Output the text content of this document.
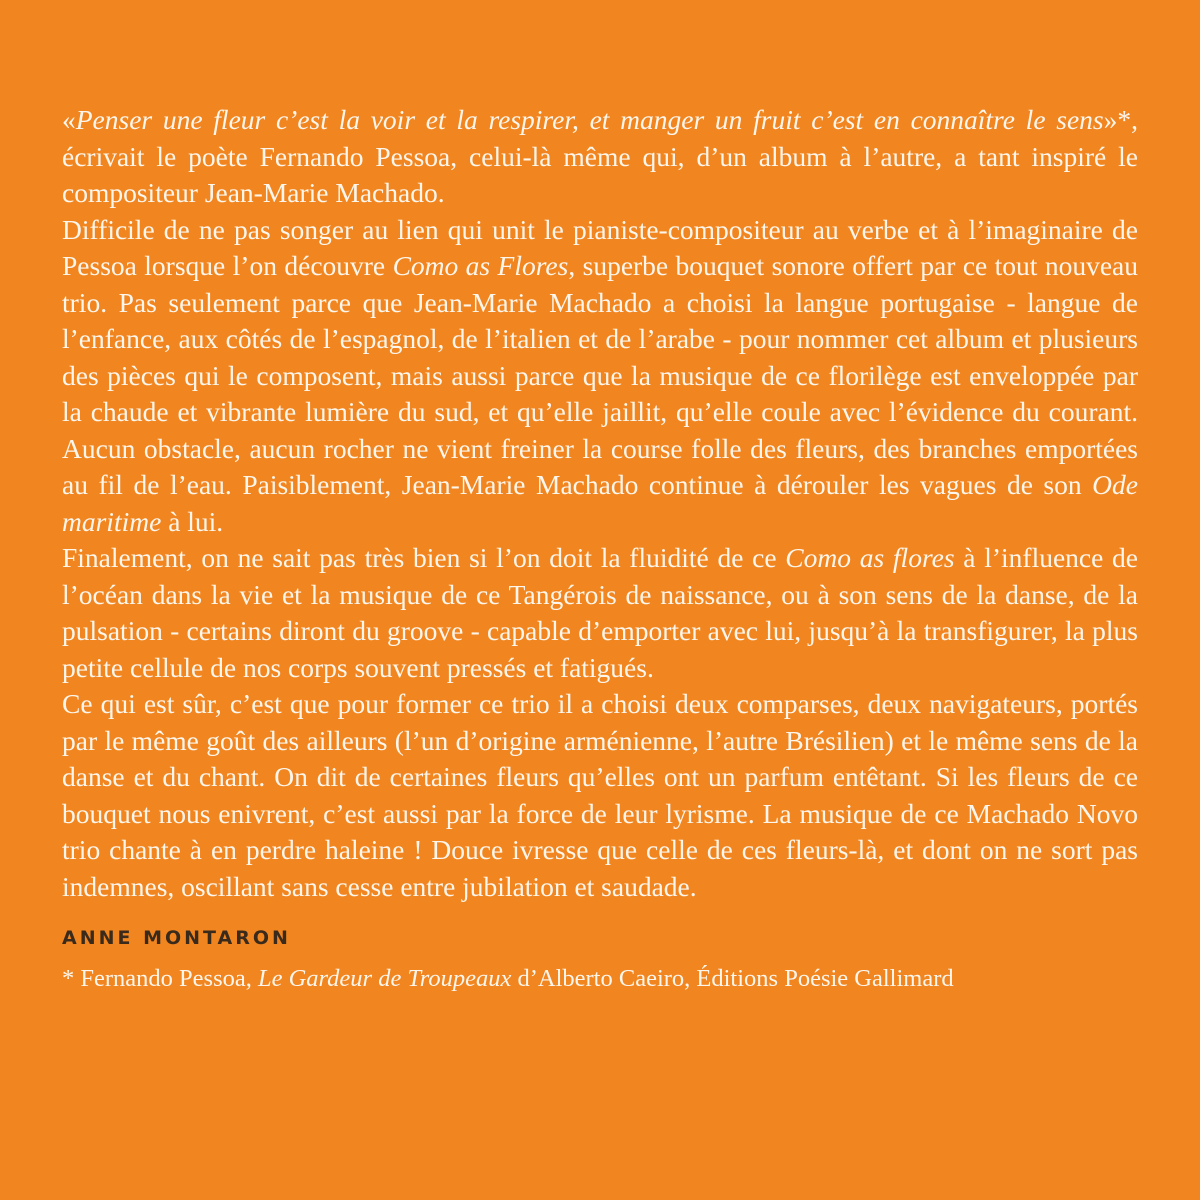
«Penser une fleur c’est la voir et la respirer, et manger un fruit c’est en connaître le sens»*, écrivait le poète Fernando Pessoa, celui-là même qui, d’un album à l’autre, a tant inspiré le compositeur Jean-Marie Machado.

Difficile de ne pas songer au lien qui unit le pianiste-compositeur au verbe et à l’imaginaire de Pessoa lorsque l’on découvre Como as Flores, superbe bouquet sonore offert par ce tout nouveau trio. Pas seulement parce que Jean-Marie Machado a choisi la langue portugaise - langue de l’enfance, aux côtés de l’espagnol, de l’italien et de l’arabe - pour nommer cet album et plusieurs des pièces qui le composent, mais aussi parce que la musique de ce florilège est enveloppée par la chaude et vibrante lumière du sud, et qu’elle jaillit, qu’elle coule avec l’évidence du courant. Aucun obstacle, aucun rocher ne vient freiner la course folle des fleurs, des branches emportées au fil de l’eau. Paisiblement, Jean-Marie Machado continue à dérouler les vagues de son Ode maritime à lui.

Finalement, on ne sait pas très bien si l’on doit la fluidité de ce Como as flores à l’influence de l’océan dans la vie et la musique de ce Tangérois de naissance, ou à son sens de la danse, de la pulsation - certains diront du groove - capable d’emporter avec lui, jusqu’à la transfigurer, la plus petite cellule de nos corps souvent pressés et fatigués.

Ce qui est sûr, c’est que pour former ce trio il a choisi deux comparses, deux navigateurs, portés par le même goût des ailleurs (l’un d’origine arménienne, l’autre Brésilien) et le même sens de la danse et du chant. On dit de certaines fleurs qu’elles ont un parfum entêtant. Si les fleurs de ce bouquet nous enivrent, c’est aussi par la force de leur lyrisme. La musique de ce Machado Novo trio chante à en perdre haleine ! Douce ivresse que celle de ces fleurs-là, et dont on ne sort pas indemnes, oscillant sans cesse entre jubilation et saudade.

ANNE MONTARON
* Fernando Pessoa, Le Gardeur de Troupeaux d’Alberto Caeiro, Éditions Poésie Gallimard
